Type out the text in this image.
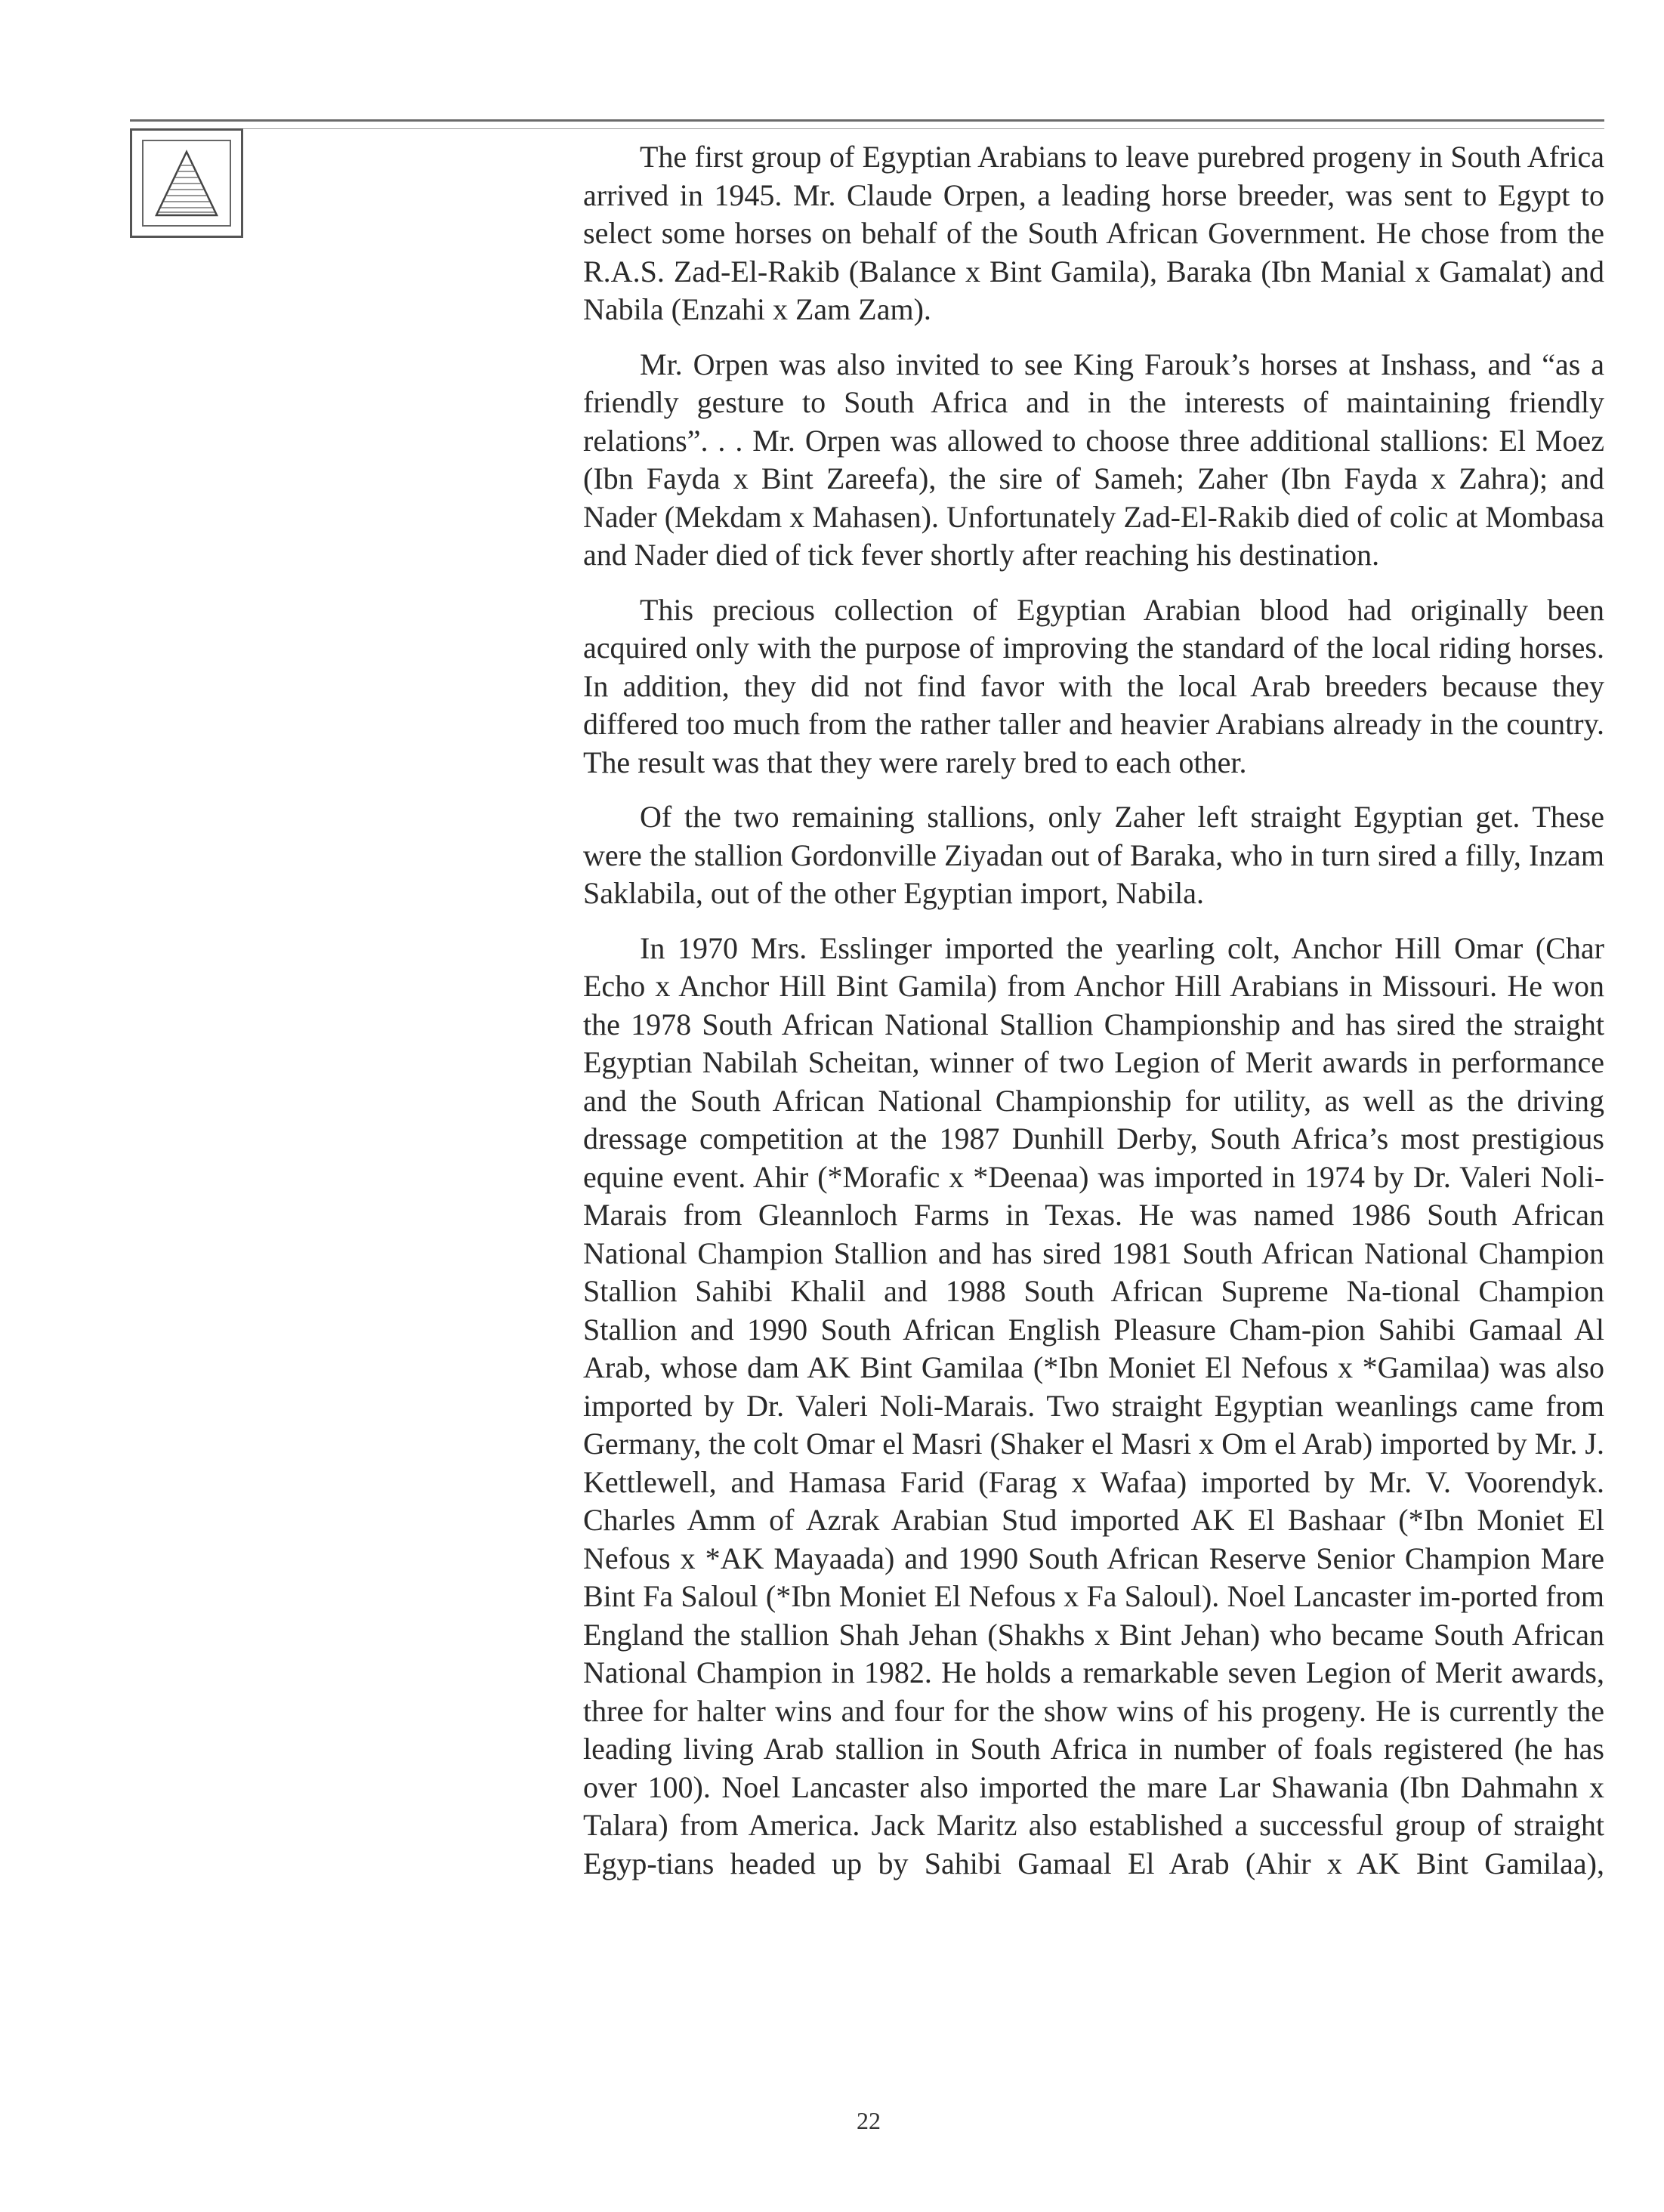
The first group of Egyptian Arabians to leave purebred progeny in South Africa arrived in 1945. Mr. Claude Orpen, a leading horse breeder, was sent to Egypt to select some horses on behalf of the South African Government. He chose from the R.A.S. Zad-El-Rakib (Balance x Bint Gamila), Baraka (Ibn Manial x Gamalat) and Nabila (Enzahi x Zam Zam).

Mr. Orpen was also invited to see King Farouk’s horses at Inshass, and “as a friendly gesture to South Africa and in the interests of maintaining friendly relations”. . . Mr. Orpen was allowed to choose three additional stallions: El Moez (Ibn Fayda x Bint Zareefa), the sire of Sameh; Zaher (Ibn Fayda x Zahra); and Nader (Mekdam x Mahasen). Unfortunately Zad-El-Rakib died of colic at Mombasa and Nader died of tick fever shortly after reaching his destination.

This precious collection of Egyptian Arabian blood had originally been acquired only with the purpose of improving the standard of the local riding horses. In addition, they did not find favor with the local Arab breeders because they differed too much from the rather taller and heavier Arabians already in the country. The result was that they were rarely bred to each other.

Of the two remaining stallions, only Zaher left straight Egyptian get. These were the stallion Gordonville Ziyadan out of Baraka, who in turn sired a filly, Inzam Saklabila, out of the other Egyptian import, Nabila.

In 1970 Mrs. Esslinger imported the yearling colt, Anchor Hill Omar (Char Echo x Anchor Hill Bint Gamila) from Anchor Hill Arabians in Missouri. He won the 1978 South African National Stallion Championship and has sired the straight Egyptian Nabilah Scheitan, winner of two Legion of Merit awards in performance and the South African National Championship for utility, as well as the driving dressage competition at the 1987 Dunhill Derby, South Africa’s most prestigious equine event. Ahir (*Morafic x *Deenaa) was imported in 1974 by Dr. Valeri Noli-Marais from Gleannloch Farms in Texas. He was named 1986 South African National Champion Stallion and has sired 1981 South African National Champion Stallion Sahibi Khalil and 1988 South African Supreme Na-tional Champion Stallion and 1990 South African English Pleasure Cham-pion Sahibi Gamaal Al Arab, whose dam AK Bint Gamilaa (*Ibn Moniet El Nefous x *Gamilaa) was also imported by Dr. Valeri Noli-Marais. Two straight Egyptian weanlings came from Germany, the colt Omar el Masri (Shaker el Masri x Om el Arab) imported by Mr. J. Kettlewell, and Hamasa Farid (Farag x Wafaa) imported by Mr. V. Voorendyk. Charles Amm of Azrak Arabian Stud imported AK El Bashaar (*Ibn Moniet El Nefous x *AK Mayaada) and 1990 South African Reserve Senior Champion Mare Bint Fa Saloul (*Ibn Moniet El Nefous x Fa Saloul). Noel Lancaster im-ported from England the stallion Shah Jehan (Shakhs x Bint Jehan) who became South African National Champion in 1982. He holds a remarkable seven Legion of Merit awards, three for halter wins and four for the show wins of his progeny. He is currently the leading living Arab stallion in South Africa in number of foals registered (he has over 100). Noel Lancaster also imported the mare Lar Shawania (Ibn Dahmahn x Talara) from America. Jack Maritz also established a successful group of straight Egyp-tians headed up by Sahibi Gamaal El Arab (Ahir x AK Bint Gamilaa),

22
